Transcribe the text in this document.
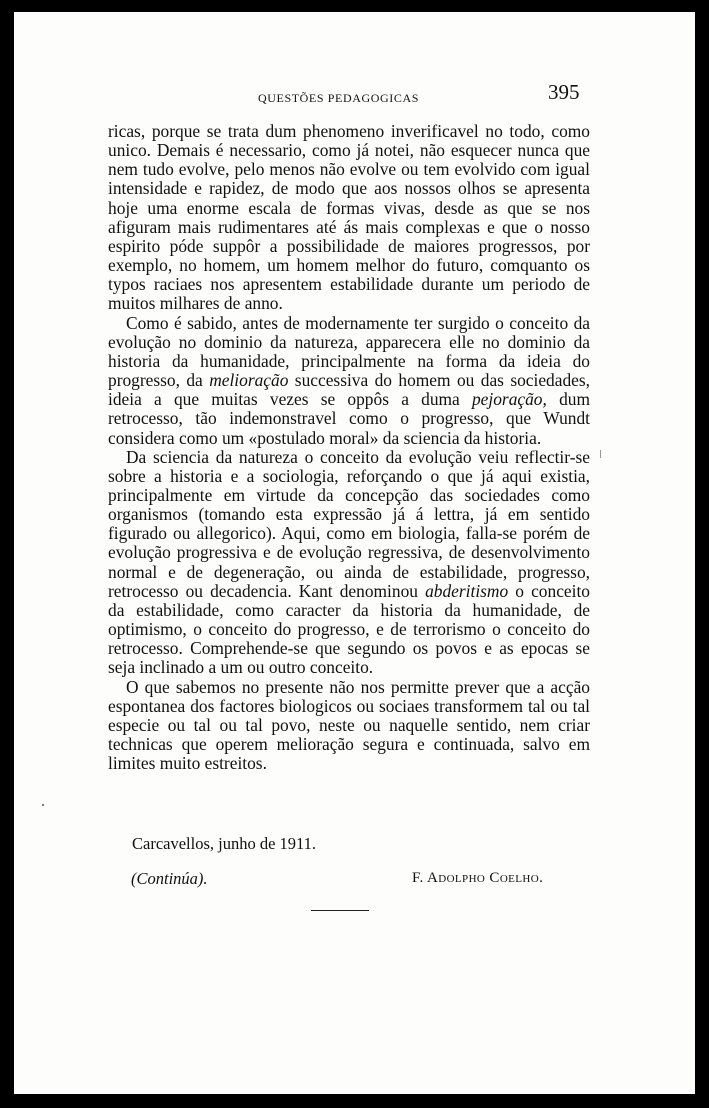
QUESTÕES PEDAGOGICAS	395

ricas, porque se trata dum phenomeno inverificavel no todo, como unico. Demais é necessario, como já notei, não esquecer nunca que nem tudo evolve, pelo menos não evolve ou tem evolvido com igual intensidade e rapidez, de modo que aos nossos olhos se apresenta hoje uma enorme escala de formas vivas, desde as que se nos afiguram mais rudimentares até ás mais complexas e que o nosso espirito póde suppôr a possibilidade de maiores progressos, por exemplo, no homem, um homem melhor do futuro, comquanto os typos raciaes nos apresentem estabilidade durante um periodo de muitos milhares de anno.

Como é sabido, antes de modernamente ter surgido o conceito da evolução no dominio da natureza, apparecera elle no dominio da historia da humanidade, principalmente na forma da ideia do progresso, da melioração successiva do homem ou das sociedades, ideia a que muitas vezes se oppôs a duma pejoração, dum retrocesso, tão indemonstravel como o progresso, que Wundt considera como um «postulado moral» da sciencia da historia.

Da sciencia da natureza o conceito da evolução veiu reflectir-se sobre a historia e a sociologia, reforçando o que já aqui existia, principalmente em virtude da concepção das sociedades como organismos (tomando esta expressão já á lettra, já em sentido figurado ou allegorico). Aqui, como em biologia, falla-se porém de evolução progressiva e de evolução regressiva, de desenvolvimento normal e de degeneração, ou ainda de estabilidade, progresso, retrocesso ou decadencia. Kant denominou abderitismo o conceito da estabilidade, como caracter da historia da humanidade, de optimismo, o conceito do progresso, e de terrorismo o conceito do retrocesso. Comprehende-se que segundo os povos e as epocas se seja inclinado a um ou outro conceito.

O que sabemos no presente não nos permitte prever que a acção espontanea dos factores biologicos ou sociaes transformem tal ou tal especie ou tal ou tal povo, neste ou naquelle sentido, nem criar technicas que operem melioração segura e continuada, salvo em limites muito estreitos.

Carcavellos, junho de 1911.
(Continúa).	F. Adolpho Coelho.
